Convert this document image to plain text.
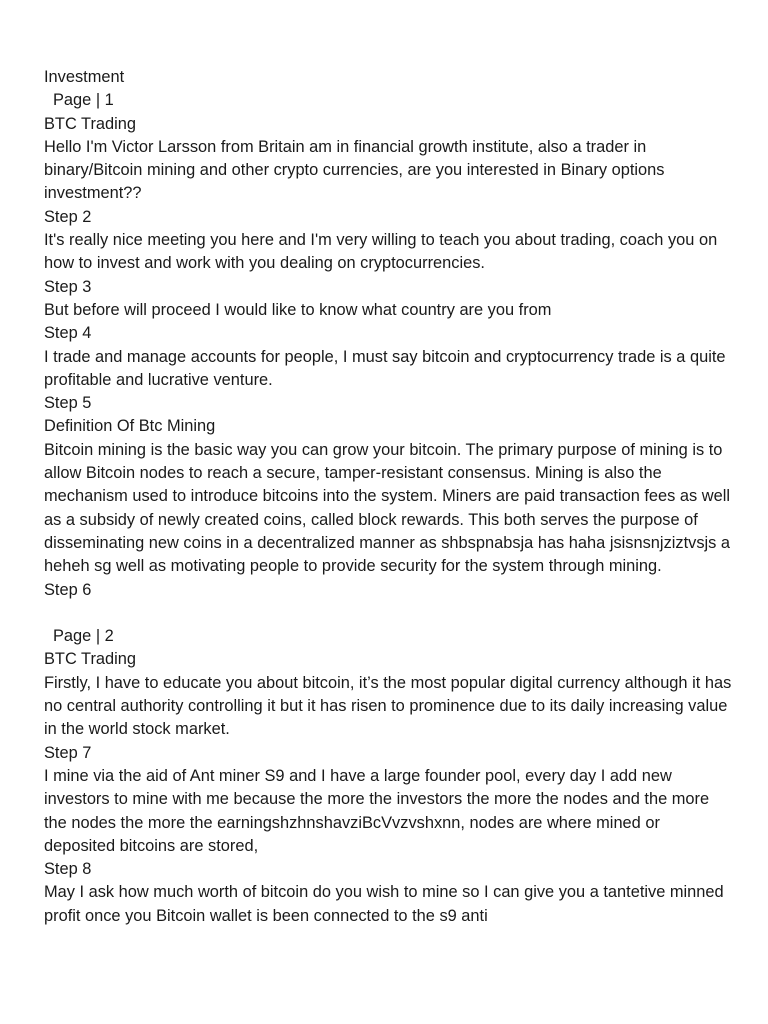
Investment
Page | 1
BTC Trading
Hello I'm Victor Larsson from Britain am in financial growth institute, also a trader in binary/Bitcoin mining and other crypto currencies, are you interested in Binary options investment??
Step 2
It's really nice meeting you here and I'm very willing to teach you about trading, coach you on how to invest and work with you dealing on cryptocurrencies.
Step 3
But before will proceed I would like to know what country are you from
Step 4
I trade and manage accounts for people, I must say bitcoin and cryptocurrency trade is a quite profitable and lucrative venture.
Step 5
Definition Of Btc Mining
Bitcoin mining is the basic way you can grow your bitcoin. The primary purpose of mining is to allow Bitcoin nodes to reach a secure, tamper-resistant consensus. Mining is also the mechanism used to introduce bitcoins into the system. Miners are paid transaction fees as well as a subsidy of newly created coins, called block rewards. This both serves the purpose of disseminating new coins in a decentralized manner as shbspnabsja has haha jsisnsnjziztvsjs a heheh sg well as motivating people to provide security for the system through mining.
Step 6
Page | 2
BTC Trading
Firstly, I have to educate you about bitcoin, it’s the most popular digital currency although it has no central authority controlling it but it has risen to prominence due to its daily increasing value in the world stock market.
Step 7
I mine via the aid of Ant miner S9 and I have a large founder pool, every day I add new investors to mine with me because the more the investors the more the nodes and the more the nodes the more the earningshzhnshavziBcVvzvshxnn, nodes are where mined or deposited bitcoins are stored,
Step 8
May I ask how much worth of bitcoin do you wish to mine so I can give you a tantetive minned profit once you Bitcoin wallet is been connected to the s9 anti
